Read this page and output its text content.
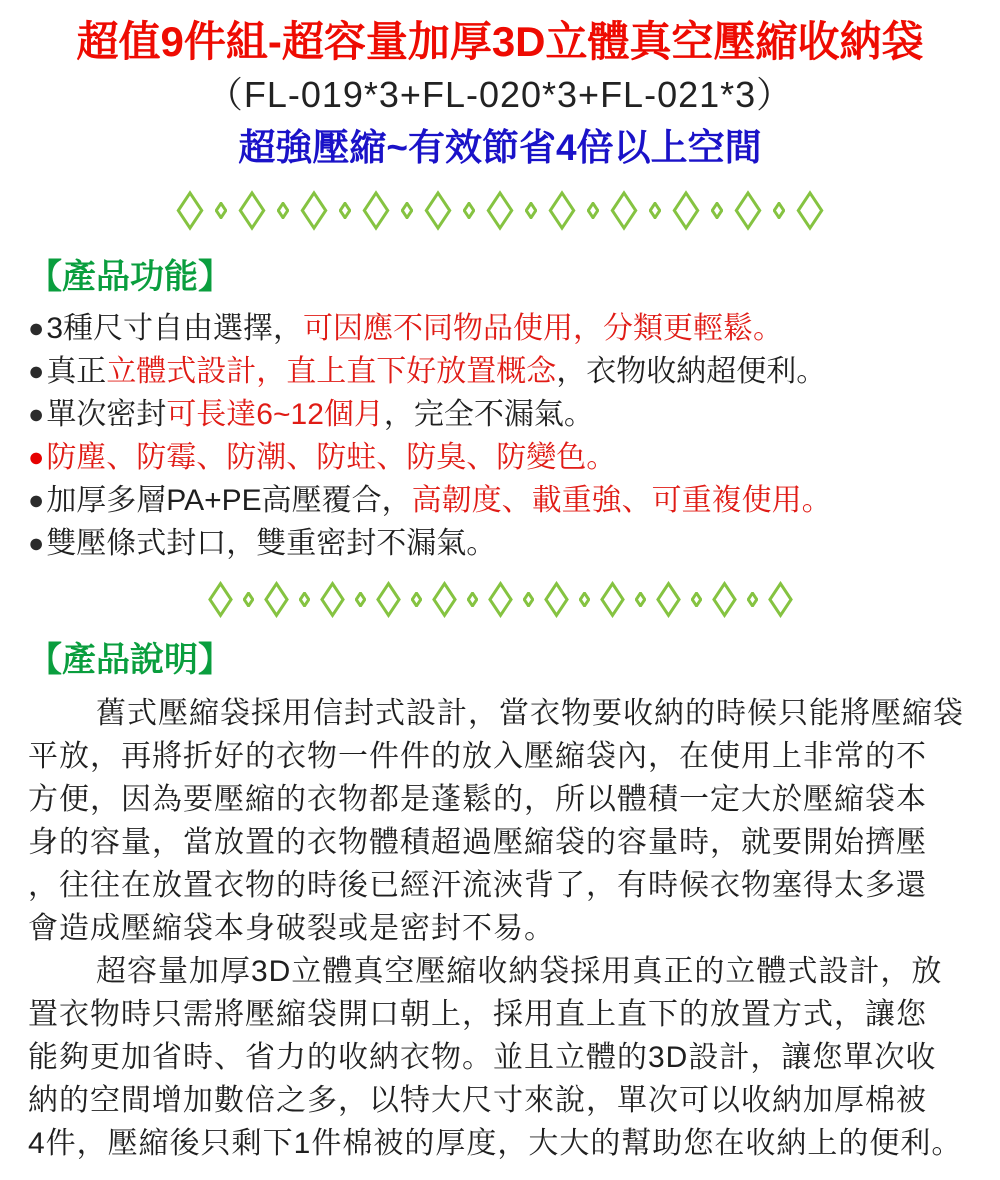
超值9件組-超容量加厚3D立體真空壓縮收納袋
（FL-019*3+FL-020*3+FL-021*3）
超強壓縮~有效節省4倍以上空間
【產品功能】
●3種尺寸自由選擇，可因應不同物品使用，分類更輕鬆。
●真正立體式設計，直上直下好放置概念，衣物收納超便利。
●單次密封可長達6~12個月，完全不漏氣。
●防塵、防霉、防潮、防蛀、防臭、防變色。
●加厚多層PA+PE高壓覆合，高韌度、載重強、可重複使用。
●雙壓條式封口，雙重密封不漏氣。
【產品說明】

舊式壓縮袋採用信封式設計，當衣物要收納的時候只能將壓縮袋
平放，再將折好的衣物一件件的放入壓縮袋內，在使用上非常的不
方便，因為要壓縮的衣物都是蓬鬆的，所以體積一定大於壓縮袋本
身的容量，當放置的衣物體積超過壓縮袋的容量時，就要開始擠壓
，往往在放置衣物的時後已經汗流浹背了，有時候衣物塞得太多還
會造成壓縮袋本身破裂或是密封不易。

超容量加厚3D立體真空壓縮收納袋採用真正的立體式設計，放
置衣物時只需將壓縮袋開口朝上，採用直上直下的放置方式，讓您
能夠更加省時、省力的收納衣物。並且立體的3D設計，讓您單次收
納的空間增加數倍之多，以特大尺寸來說，單次可以收納加厚棉被
4件，壓縮後只剩下1件棉被的厚度，大大的幫助您在收納上的便利。
